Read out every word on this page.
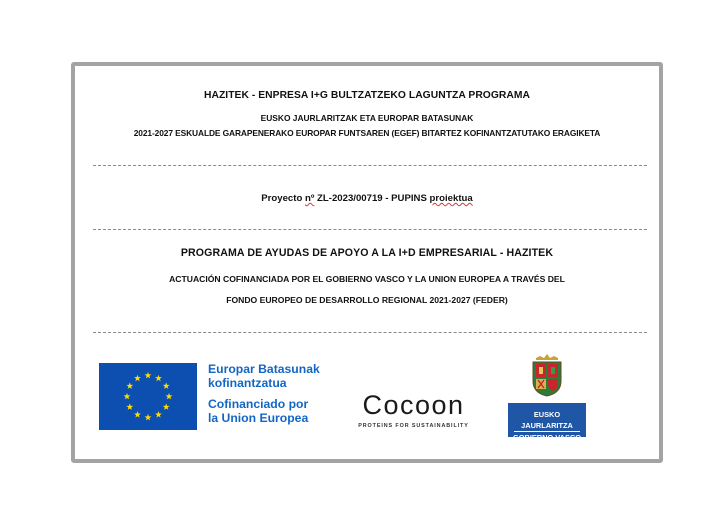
HAZITEK - ENPRESA I+G BULTZATZEKO LAGUNTZA PROGRAMA
EUSKO JAURLARITZAK ETA EUROPAR BATASUNAK
2021-2027 ESKUALDE GARAPENERAKO EUROPAR FUNTSAREN (EGEF) BITARTEZ KOFINANTZATUTAKO ERAGIKETA
Proyecto nº ZL-2023/00719 - PUPINS proiektua
PROGRAMA DE AYUDAS DE APOYO A LA I+D EMPRESARIAL - HAZITEK
ACTUACIÓN COFINANCIADA POR EL GOBIERNO VASCO Y LA UNION EUROPEA A TRAVÉS DEL
FONDO EUROPEO DE DESARROLLO REGIONAL 2021-2027 (FEDER)
Europar Batasunak
kofinantzatua
Cofinanciado por
la Union Europea	Cocoon
PROTEINS FOR SUSTAINABILITY
EUSKO JAURLARITZA
GOBIERNO VASCO
